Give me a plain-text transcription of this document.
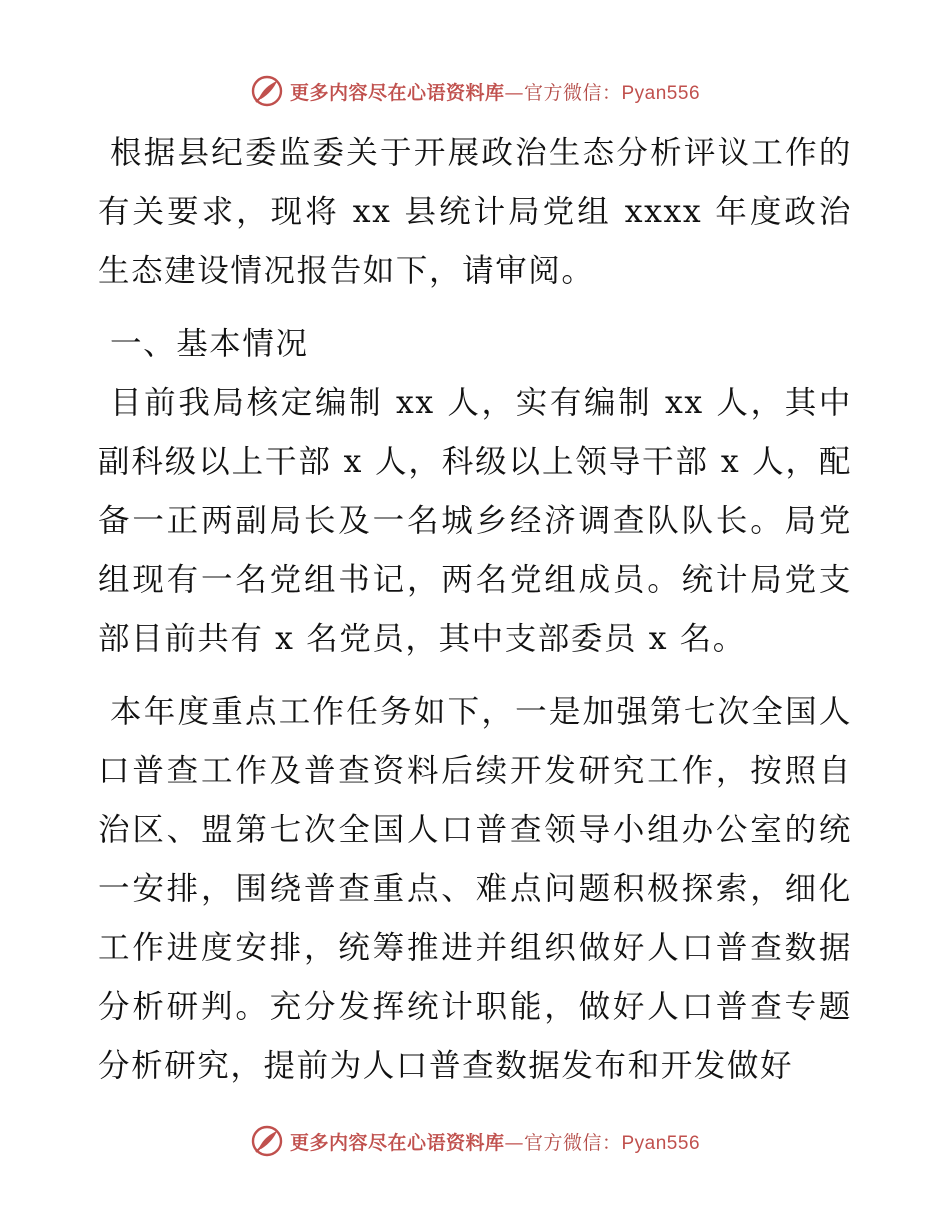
更多内容尽在心语资料库—官方微信：Pyan556

根据县纪委监委关于开展政治生态分析评议工作的有关要求，现将 xx 县统计局党组 xxxx 年度政治生态建设情况报告如下，请审阅。

一、基本情况

目前我局核定编制 xx 人，实有编制 xx 人，其中副科级以上干部 x 人，科级以上领导干部 x 人，配备一正两副局长及一名城乡经济调查队队长。局党组现有一名党组书记，两名党组成员。统计局党支部目前共有 x 名党员，其中支部委员 x 名。

本年度重点工作任务如下，一是加强第七次全国人口普查工作及普查资料后续开发研究工作，按照自治区、盟第七次全国人口普查领导小组办公室的统一安排，围绕普查重点、难点问题积极探索，细化工作进度安排，统筹推进并组织做好人口普查数据分析研判。充分发挥统计职能，做好人口普查专题分析研究，提前为人口普查数据发布和开发做好

更多内容尽在心语资料库—官方微信：Pyan556
